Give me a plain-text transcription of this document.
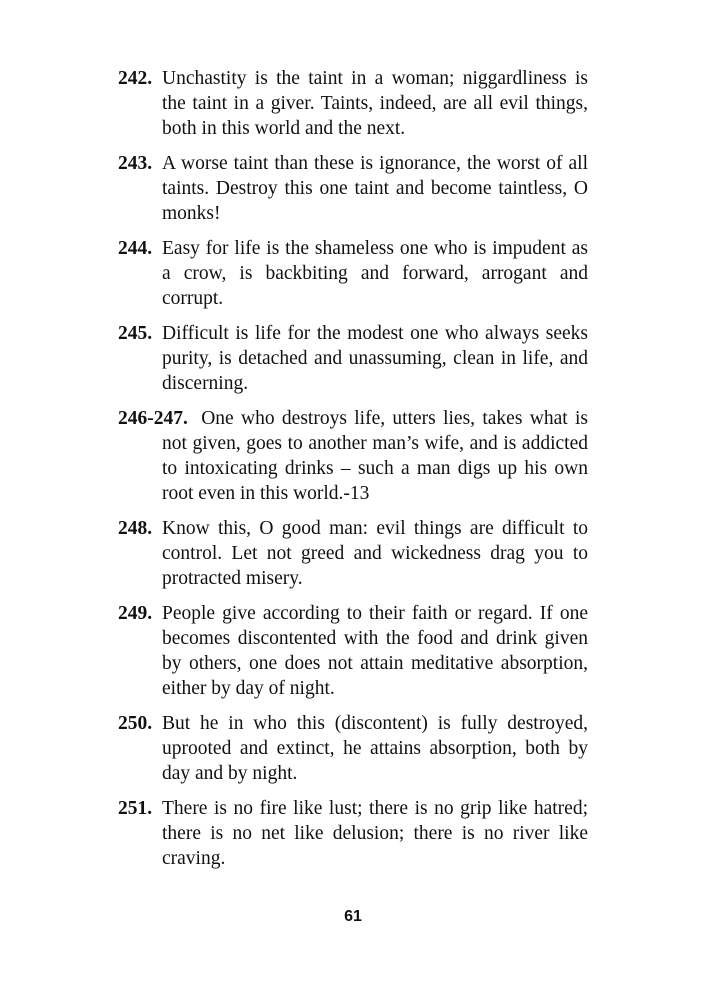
242. Unchastity is the taint in a woman; niggardliness is the taint in a giver. Taints, indeed, are all evil things, both in this world and the next.
243. A worse taint than these is ignorance, the worst of all taints. Destroy this one taint and become taintless, O monks!
244. Easy for life is the shameless one who is impudent as a crow, is backbiting and forward, arrogant and corrupt.
245. Difficult is life for the modest one who always seeks purity, is detached and unassuming, clean in life, and discerning.
246-247. One who destroys life, utters lies, takes what is not given, goes to another man’s wife, and is addicted to intoxicating drinks – such a man digs up his own root even in this world.-13
248. Know this, O good man: evil things are difficult to control. Let not greed and wickedness drag you to protracted misery.
249. People give according to their faith or regard. If one becomes discontented with the food and drink given by others, one does not attain meditative absorption, either by day of night.
250. But he in who this (discontent) is fully destroyed, uprooted and extinct, he attains absorption, both by day and by night.
251. There is no fire like lust; there is no grip like hatred; there is no net like delusion; there is no river like craving.
61
